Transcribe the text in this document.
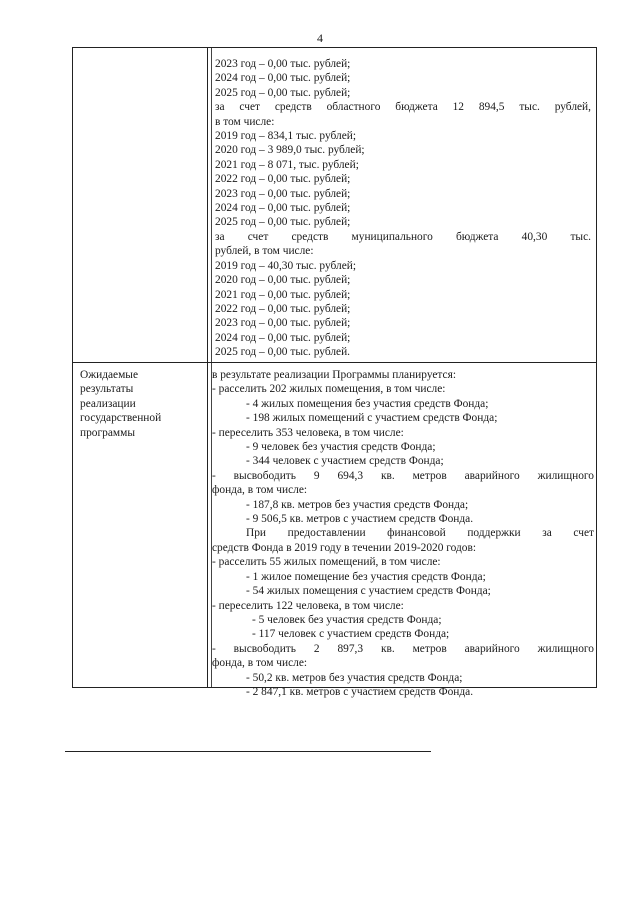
4
2023 год – 0,00 тыс. рублей;
2024 год – 0,00 тыс. рублей;
2025 год – 0,00 тыс. рублей;
за счет средств областного бюджета 12 894,5 тыс. рублей,
в том числе:
2019 год – 834,1 тыс. рублей;
2020 год – 3 989,0 тыс. рублей;
2021 год – 8 071, тыс. рублей;
2022 год – 0,00 тыс. рублей;
2023 год – 0,00 тыс. рублей;
2024 год – 0,00 тыс. рублей;
2025 год – 0,00 тыс. рублей;
за счет средств муниципального бюджета 40,30 тыс.
рублей, в том числе:
2019 год – 40,30 тыс. рублей;
2020 год – 0,00 тыс. рублей;
2021 год – 0,00 тыс. рублей;
2022 год – 0,00 тыс. рублей;
2023 год – 0,00 тыс. рублей;
2024 год – 0,00 тыс. рублей;
2025 год – 0,00 тыс. рублей.
Ожидаемые
результаты
реализации
государственной
программы
в результате реализации Программы планируется:
- расселить 202 жилых помещения, в том числе:
- 4 жилых помещения без участия средств Фонда;
- 198 жилых помещений с участием средств Фонда;
- переселить 353 человека, в том числе:
- 9 человек без участия средств Фонда;
- 344 человек с участием средств Фонда;
- высвободить 9 694,3 кв. метров аварийного жилищного
фонда, в том числе:
- 187,8 кв. метров без участия средств Фонда;
- 9 506,5 кв. метров с участием средств Фонда.
При предоставлении финансовой поддержки за счет
средств Фонда в 2019 году в течении 2019-2020 годов:
- расселить 55 жилых помещений, в том числе:
- 1 жилое помещение без участия средств Фонда;
- 54 жилых помещения с участием средств Фонда;
- переселить 122 человека, в том числе:
- 5 человек без участия средств Фонда;
- 117 человек с участием средств Фонда;
- высвободить 2 897,3 кв. метров аварийного жилищного
фонда, в том числе:
- 50,2 кв. метров без участия средств Фонда;
- 2 847,1 кв. метров с участием средств Фонда.
